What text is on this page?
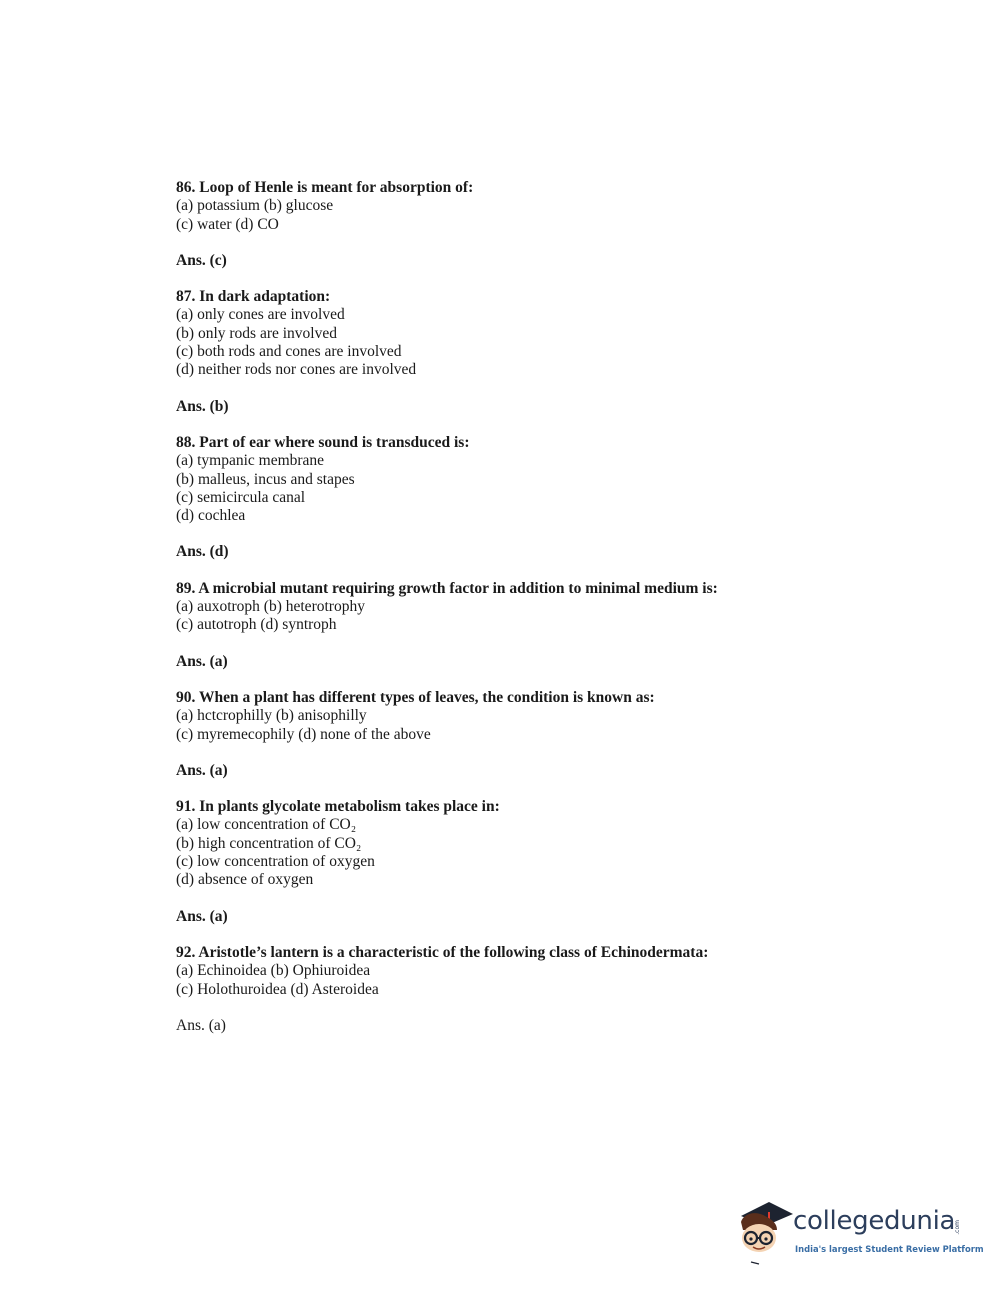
86. Loop of Henle is meant for absorption of:
(a) potassium (b) glucose
(c) water (d) CO
Ans. (c)
87. In dark adaptation:
(a) only cones are involved
(b) only rods are involved
(c) both rods and cones are involved
(d) neither rods nor cones are involved
Ans. (b)
88. Part of ear where sound is transduced is:
(a) tympanic membrane
(b) malleus, incus and stapes
(c) semicircula canal
(d) cochlea
Ans. (d)
89. A microbial mutant requiring growth factor in addition to minimal medium is:
(a) auxotroph (b) heterotrophy
(c) autotroph (d) syntroph
Ans. (a)
90. When a plant has different types of leaves, the condition is known as:
(a) hctcrophilly (b) anisophilly
(c) myremecophily (d) none of the above
Ans. (a)
91. In plants glycolate metabolism takes place in:
(a) low concentration of CO₂
(b) high concentration of CO₂
(c) low concentration of oxygen
(d) absence of oxygen
Ans. (a)
92. Aristotle’s lantern is a characteristic of the following class of Echinodermata:
(a) Echinoidea (b) Ophiuroidea
(c) Holothuroidea (d) Asteroidea
Ans. (a)
collegedunia
.com
India's largest Student Review Platform
